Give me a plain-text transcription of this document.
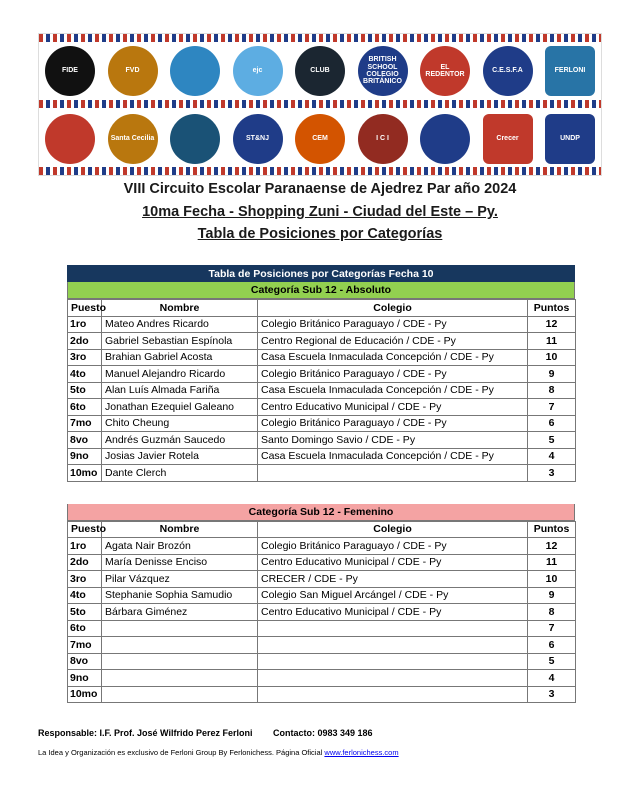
FIDE	FVD	ejc	CLUB
BRITISH SCHOOL COLEGIO BRITÁNICO
EL REDENTOR
C.E.S.F.A	FERLONI
Santa Cecilia	ST&NJ	CEM	I C I	Crecer	UNDP
VIII Circuito Escolar Paranaense de Ajedrez Par año 2024
10ma Fecha - Shopping Zuni - Ciudad del Este – Py.
Tabla de Posiciones por Categorías
Tabla de Posiciones por Categorías Fecha 10
Categoría Sub 12 - Absoluto
Puesto	Nombre	Colegio	Puntos
1ro	Mateo Andres Ricardo	Colegio Británico Paraguayo / CDE - Py	12
2do	Gabriel Sebastian Espínola	Centro Regional de Educación / CDE - Py	11
3ro	Brahian Gabriel Acosta	Casa Escuela Inmaculada Concepción / CDE - Py	10
4to	Manuel Alejandro Ricardo	Colegio Británico Paraguayo / CDE - Py	9
5to	Alan Luís Almada Fariña	Casa Escuela Inmaculada Concepción / CDE - Py	8
6to	Jonathan Ezequiel Galeano	Centro Educativo Municipal / CDE - Py	7
7mo	Chito Cheung	Colegio Británico Paraguayo / CDE - Py	6
8vo	Andrés Guzmán Saucedo	Santo Domingo Savio / CDE - Py	5
9no	Josias Javier Rotela	Casa Escuela Inmaculada Concepción / CDE - Py	4
10mo	Dante Clerch		3
Categoría Sub 12 - Femenino
Puesto	Nombre	Colegio	Puntos
1ro	Agata Nair Brozón	Colegio Británico Paraguayo / CDE - Py	12
2do	María Denisse Enciso	Centro Educativo Municipal / CDE - Py	11
3ro	Pilar Vázquez	CRECER / CDE - Py	10
4to	Stephanie Sophia Samudio	Colegio San Miguel Arcángel / CDE - Py	9
5to	Bárbara Giménez	Centro Educativo Municipal / CDE - Py	8
6to			7
7mo			6
8vo			5
9no			4
10mo			3
Responsable: I.F. Prof. José Wilfrido Perez Ferloni Contacto: 0983 349 186
La Idea y Organización es exclusivo de Ferloni Group By Ferlonichess. Página Oficial www.ferlonichess.com
